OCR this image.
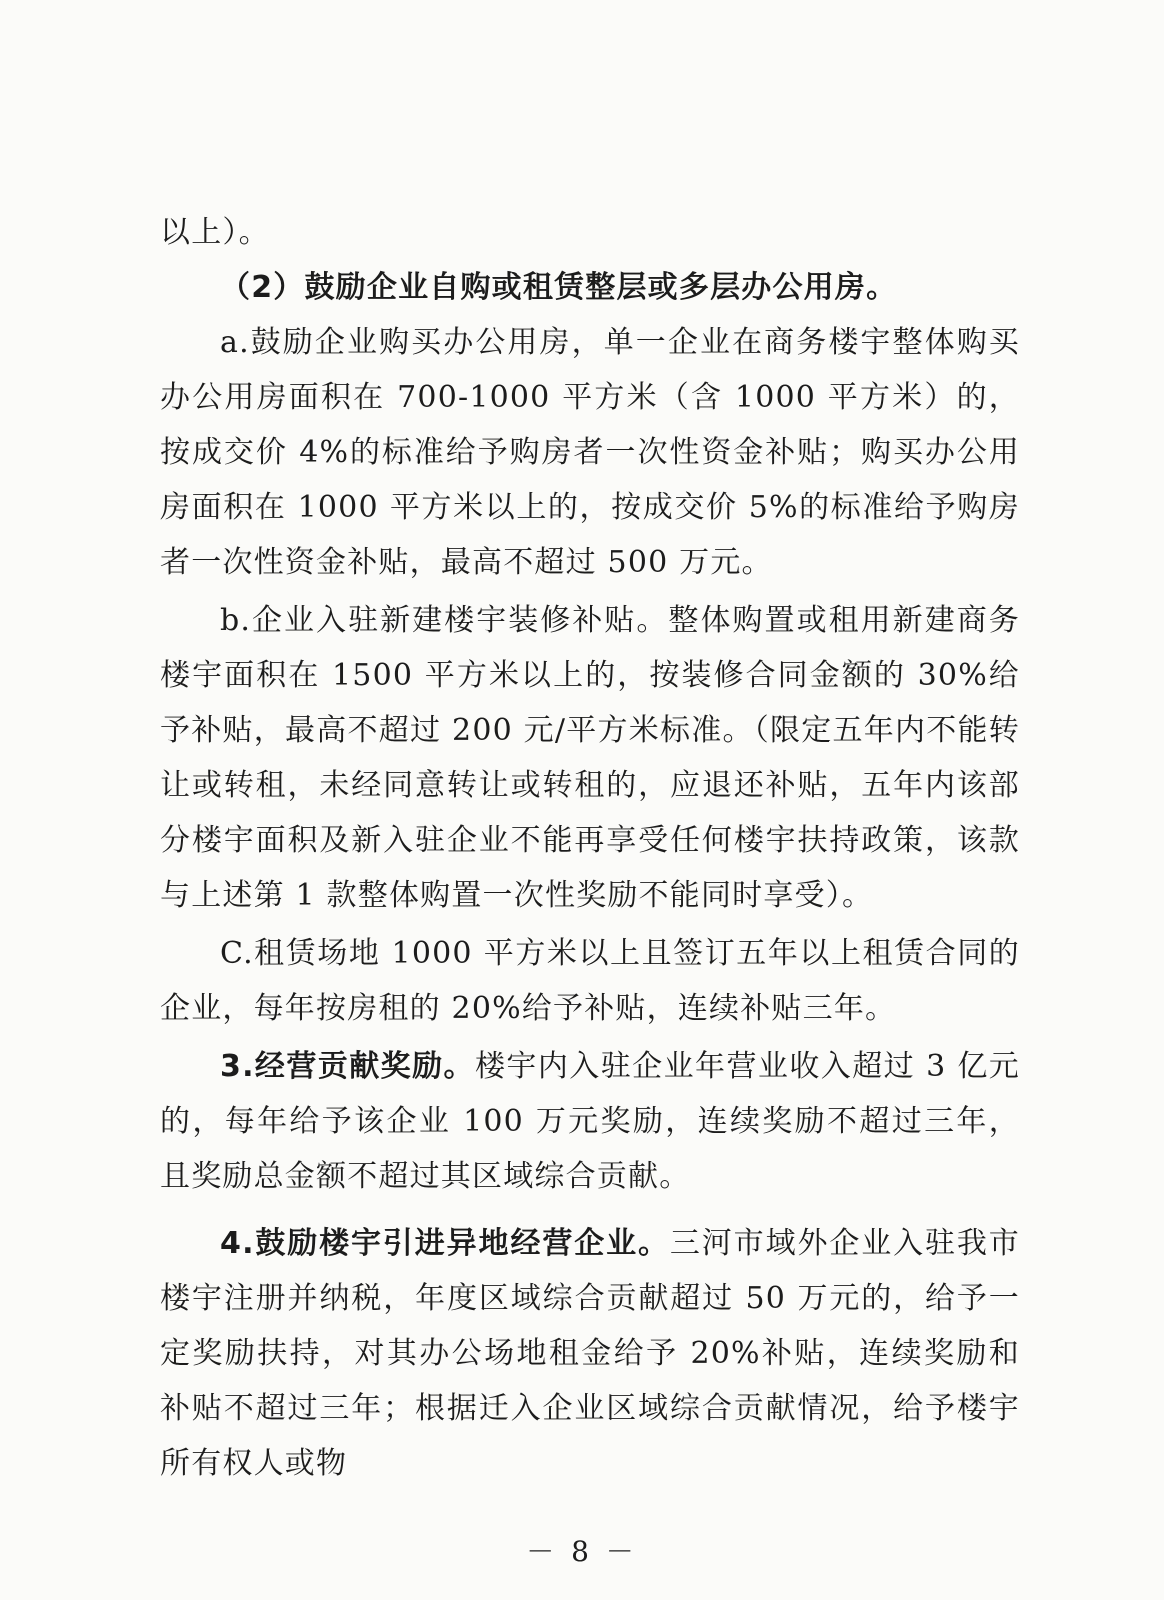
以上）。

（2）鼓励企业自购或租赁整层或多层办公用房。

a.鼓励企业购买办公用房，单一企业在商务楼宇整体购买办公用房面积在 700-1000 平方米（含 1000 平方米）的，按成交价 4%的标准给予购房者一次性资金补贴；购买办公用房面积在 1000 平方米以上的，按成交价 5%的标准给予购房者一次性资金补贴，最高不超过 500 万元。

b.企业入驻新建楼宇装修补贴。整体购置或租用新建商务楼宇面积在 1500 平方米以上的，按装修合同金额的 30%给予补贴，最高不超过 200 元/平方米标准。（限定五年内不能转让或转租，未经同意转让或转租的，应退还补贴，五年内该部分楼宇面积及新入驻企业不能再享受任何楼宇扶持政策，该款与上述第 1 款整体购置一次性奖励不能同时享受）。

C.租赁场地 1000 平方米以上且签订五年以上租赁合同的企业，每年按房租的 20%给予补贴，连续补贴三年。

3.经营贡献奖励。楼宇内入驻企业年营业收入超过 3 亿元的，每年给予该企业 100 万元奖励，连续奖励不超过三年，且奖励总金额不超过其区域综合贡献。

4.鼓励楼宇引进异地经营企业。三河市域外企业入驻我市楼宇注册并纳税，年度区域综合贡献超过 50 万元的，给予一定奖励扶持，对其办公场地租金给予 20%补贴，连续奖励和补贴不超过三年；根据迁入企业区域综合贡献情况，给予楼宇所有权人或物

－ 8 －
